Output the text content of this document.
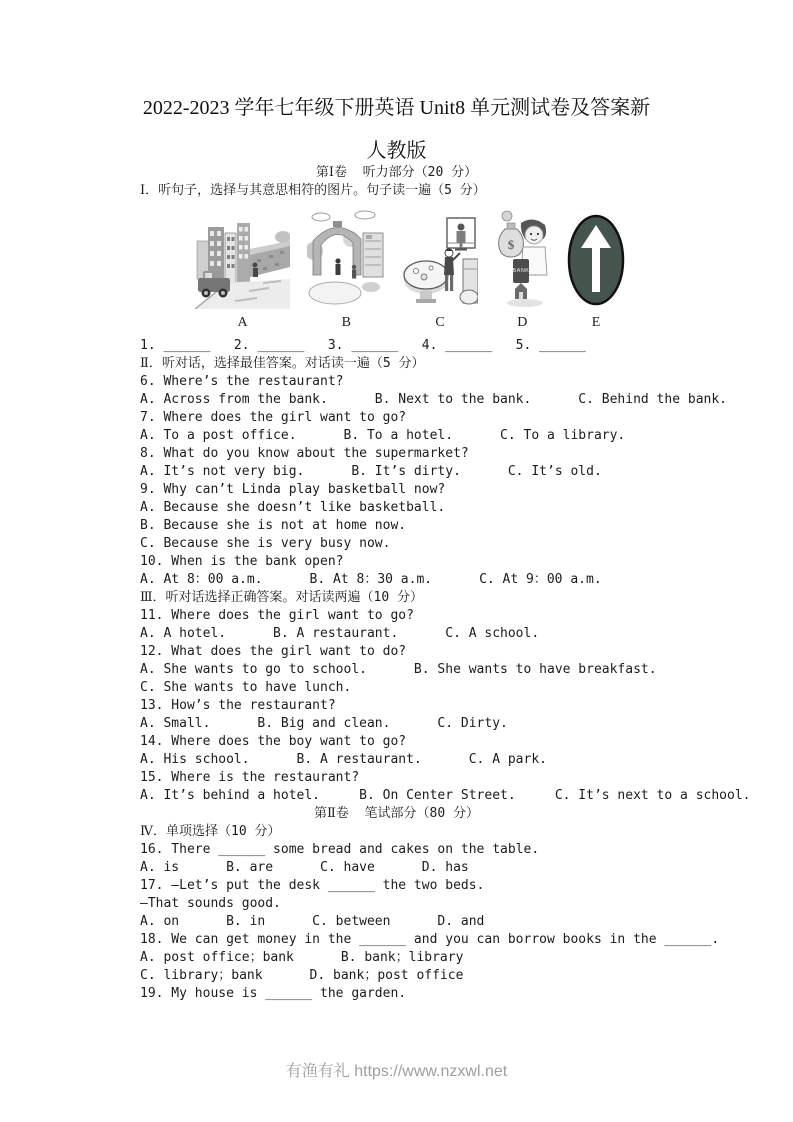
2022-2023 学年七年级下册英语 Unit8 单元测试卷及答案新
人教版
第Ⅰ卷  听力部分（20 分）
Ⅰ．听句子，选择与其意思相符的图片。句子读一遍（5 分）
$
BANK
A	B	C	D	E
1. ______   2. ______   3. ______   4. ______   5. ______
Ⅱ．听对话，选择最佳答案。对话读一遍（5 分）
6. Where’s the restaurant?
A. Across from the bank.      B. Next to the bank.      C. Behind the bank.
7. Where does the girl want to go?
A. To a post office.      B. To a hotel.      C. To a library.
8. What do you know about the supermarket?
A. It’s not very big.      B. It’s dirty.      C. It’s old.
9. Why can’t Linda play basketball now?
A. Because she doesn’t like basketball.
B. Because she is not at home now.
C. Because she is very busy now.
10. When is the bank open?
A. At 8：00 a.m.      B. At 8：30 a.m.      C. At 9：00 a.m.
Ⅲ．听对话选择正确答案。对话读两遍（10 分）
11. Where does the girl want to go?
A. A hotel.      B. A restaurant.      C. A school.
12. What does the girl want to do?
A. She wants to go to school.      B. She wants to have breakfast.
C. She wants to have lunch.
13. How’s the restaurant?
A. Small.      B. Big and clean.      C. Dirty.
14. Where does the boy want to go?
A. His school.      B. A restaurant.      C. A park.
15. Where is the restaurant?
A. It’s behind a hotel.     B. On Center Street.     C. It’s next to a school.
第Ⅱ卷  笔试部分（80 分）
Ⅳ．单项选择（10 分）
16. There ______ some bread and cakes on the table.
A. is      B. are      C. have      D. has
17. —Let’s put the desk ______ the two beds.
—That sounds good.
A. on      B. in      C. between      D. and
18. We can get money in the ______ and you can borrow books in the ______.
A. post office；bank      B. bank；library
C. library；bank      D. bank；post office
19. My house is ______ the garden.
有渔有礼 https://www.nzxwl.net
